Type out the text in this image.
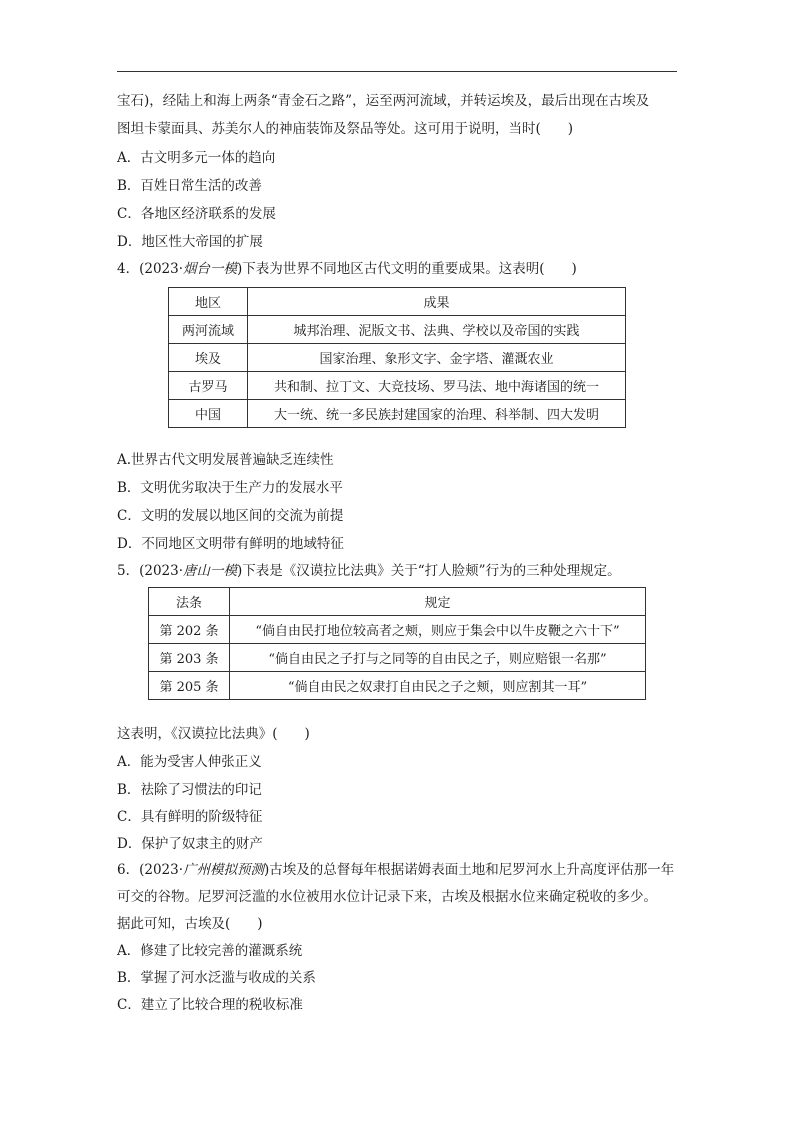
宝石)，经陆上和海上两条“青金石之路”，运至两河流域，并转运埃及，最后出现在古埃及
图坦卡蒙面具、苏美尔人的神庙装饰及祭品等处。这可用于说明，当时(　　)
A．古文明多元一体的趋向
B．百姓日常生活的改善
C．各地区经济联系的发展
D．地区性大帝国的扩展
4．(2023·烟台一模)下表为世界不同地区古代文明的重要成果。这表明(　　)
地区	成果
两河流域	城邦治理、泥版文书、法典、学校以及帝国的实践
埃及	国家治理、象形文字、金字塔、灌溉农业
古罗马	共和制、拉丁文、大竞技场、罗马法、地中海诸国的统一
中国	大一统、统一多民族封建国家的治理、科举制、四大发明
A.世界古代文明发展普遍缺乏连续性
B．文明优劣取决于生产力的发展水平
C．文明的发展以地区间的交流为前提
D．不同地区文明带有鲜明的地域特征
5．(2023·唐山一模)下表是《汉谟拉比法典》关于“打人脸颊”行为的三种处理规定。
法条	规定
第 202 条	“倘自由民打地位较高者之颊，则应于集会中以牛皮鞭之六十下”
第 203 条	“倘自由民之子打与之同等的自由民之子，则应赔银一名那”
第 205 条	“倘自由民之奴隶打自由民之子之颊，则应割其一耳”
这表明，《汉谟拉比法典》(　　)
A．能为受害人伸张正义
B．祛除了习惯法的印记
C．具有鲜明的阶级特征
D．保护了奴隶主的财产
6．(2023·广州模拟预测)古埃及的总督每年根据诺姆表面土地和尼罗河水上升高度评估那一年
可交的谷物。尼罗河泛滥的水位被用水位计记录下来，古埃及根据水位来确定税收的多少。
据此可知，古埃及(　　)
A．修建了比较完善的灌溉系统
B．掌握了河水泛滥与收成的关系
C．建立了比较合理的税收标准
